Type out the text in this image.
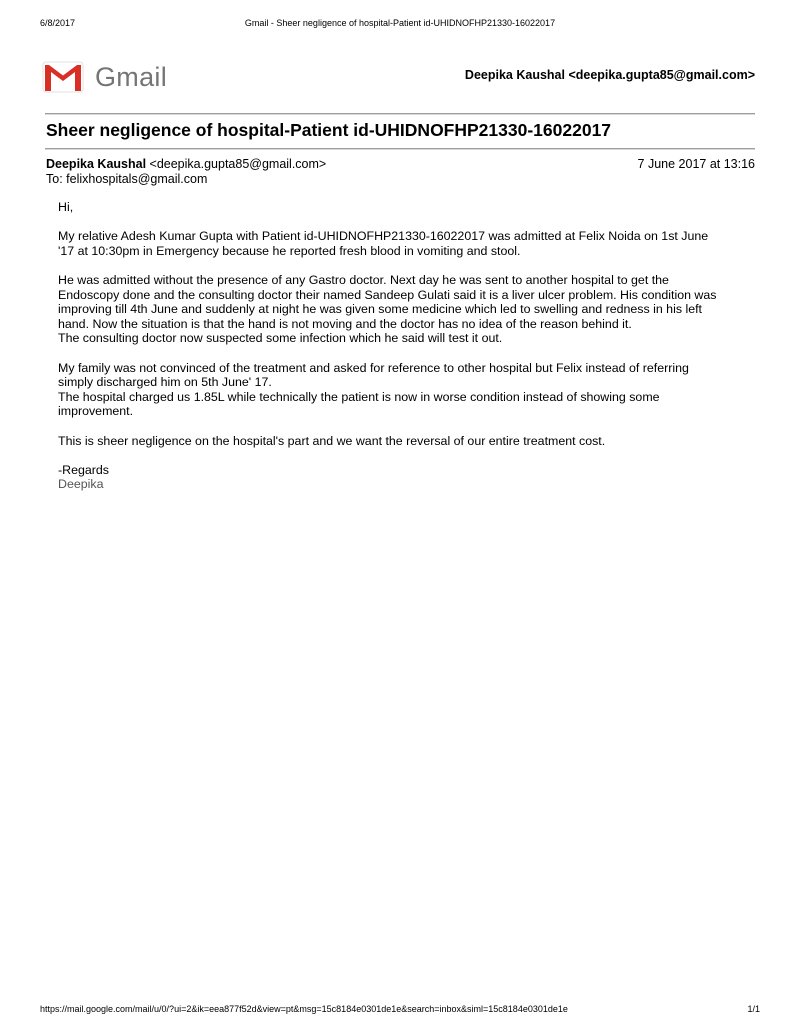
6/8/2017	Gmail - Sheer negligence of hospital-Patient id-UHIDNOFHP21330-16022017
Gmail	Deepika Kaushal <deepika.gupta85@gmail.com>
Sheer negligence of hospital-Patient id-UHIDNOFHP21330-16022017
Deepika Kaushal <deepika.gupta85@gmail.com>	7 June 2017 at 13:16
To: felixhospitals@gmail.com

Hi,

My relative Adesh Kumar Gupta with Patient id-UHIDNOFHP21330-16022017 was admitted at Felix Noida on 1st June
'17 at 10:30pm in Emergency because he reported fresh blood in vomiting and stool.

He was admitted without the presence of any Gastro doctor. Next day he was sent to another hospital to get the
Endoscopy done and the consulting doctor their named Sandeep Gulati said it is a liver ulcer problem. His condition was
improving till 4th June and suddenly at night he was given some medicine which led to swelling and redness in his left
hand. Now the situation is that the hand is not moving and the doctor has no idea of the reason behind it.
The consulting doctor now suspected some infection which he said will test it out.

My family was not convinced of the treatment and asked for reference to other hospital but Felix instead of referring
simply discharged him on 5th June' 17.
The hospital charged us 1.85L while technically the patient is now in worse condition instead of showing some
improvement.

This is sheer negligence on the hospital's part and we want the reversal of our entire treatment cost.

-Regards
Deepika
https://mail.google.com/mail/u/0/?ui=2&ik=eea877f52d&view=pt&msg=15c8184e0301de1e&search=inbox&siml=15c8184e0301de1e	1/1
